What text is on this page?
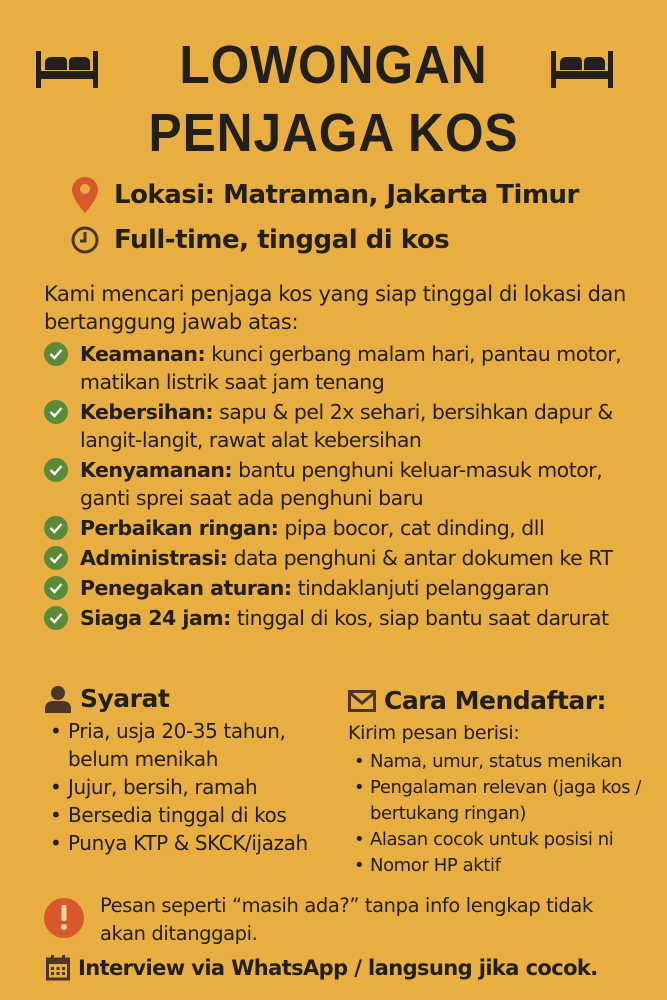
LOWONGAN
PENJAGA KOS
Lokasi: Matraman, Jakarta Timur
Full-time, tinggal di kos
Kami mencari penjaga kos yang siap tinggal di lokasi dan bertanggung jawab atas:
Keamanan: kunci gerbang malam hari, pantau motor, matikan listrik saat jam tenang
Kebersihan: sapu & pel 2x sehari, bersihkan dapur & langit-langit, rawat alat kebersihan
Kenyamanan: bantu penghuni keluar-masuk motor, ganti sprei saat ada penghuni baru
Perbaikan ringan: pipa bocor, cat dinding, dll
Administrasi: data penghuni & antar dokumen ke RT
Penegakan aturan: tindaklanjuti pelanggaran
Siaga 24 jam: tinggal di kos, siap bantu saat darurat
Syarat
• Pria, usja 20-35 tahun, belum menikah
• Jujur, bersih, ramah
• Bersedia tinggal di kos
• Punya KTP & SKCK/ijazah
Cara Mendaftar:
Kirim pesan berisi:
• Nama, umur, status menikan
• Pengalaman relevan (jaga kos / bertukang ringan)
• Alasan cocok untuk posisi ni
• Nomor HP aktif
Pesan seperti “masih ada?” tanpa info lengkap tidak akan ditanggapi.
Interview via WhatsApp / langsung jika cocok.
